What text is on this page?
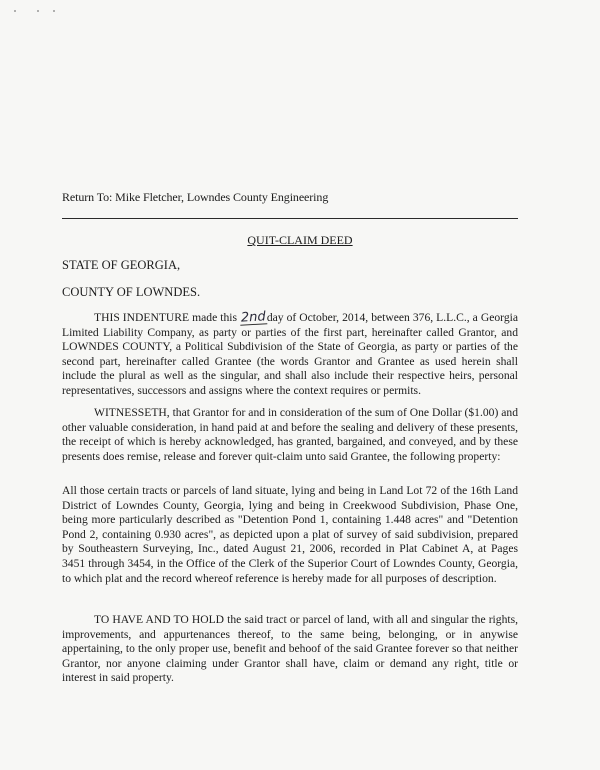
Return To: Mike Fletcher, Lowndes County Engineering
QUIT-CLAIM DEED
STATE OF GEORGIA,
COUNTY OF LOWNDES.

THIS INDENTURE made this 2ndday of October, 2014, between 376, L.L.C., a Georgia Limited Liability Company, as party or parties of the first part, hereinafter called Grantor, and LOWNDES COUNTY, a Political Subdivision of the State of Georgia, as party or parties of the second part, hereinafter called Grantee (the words Grantor and Grantee as used herein shall include the plural as well as the singular, and shall also include their respective heirs, personal representatives, successors and assigns where the context requires or permits.

WITNESSETH, that Grantor for and in consideration of the sum of One Dollar ($1.00) and other valuable consideration, in hand paid at and before the sealing and delivery of these presents, the receipt of which is hereby acknowledged, has granted, bargained, and conveyed, and by these presents does remise, release and forever quit-claim unto said Grantee, the following property:

All those certain tracts or parcels of land situate, lying and being in Land Lot 72 of the 16th Land District of Lowndes County, Georgia, lying and being in Creekwood Subdivision, Phase One, being more particularly described as "Detention Pond 1, containing 1.448 acres" and "Detention Pond 2, containing 0.930 acres", as depicted upon a plat of survey of said subdivision, prepared by Southeastern Surveying, Inc., dated August 21, 2006, recorded in Plat Cabinet A, at Pages 3451 through 3454, in the Office of the Clerk of the Superior Court of Lowndes County, Georgia, to which plat and the record whereof reference is hereby made for all purposes of description.

TO HAVE AND TO HOLD the said tract or parcel of land, with all and singular the rights, improvements, and appurtenances thereof, to the same being, belonging, or in anywise appertaining, to the only proper use, benefit and behoof of the said Grantee forever so that neither Grantor, nor anyone claiming under Grantor shall have, claim or demand any right, title or interest in said property.
